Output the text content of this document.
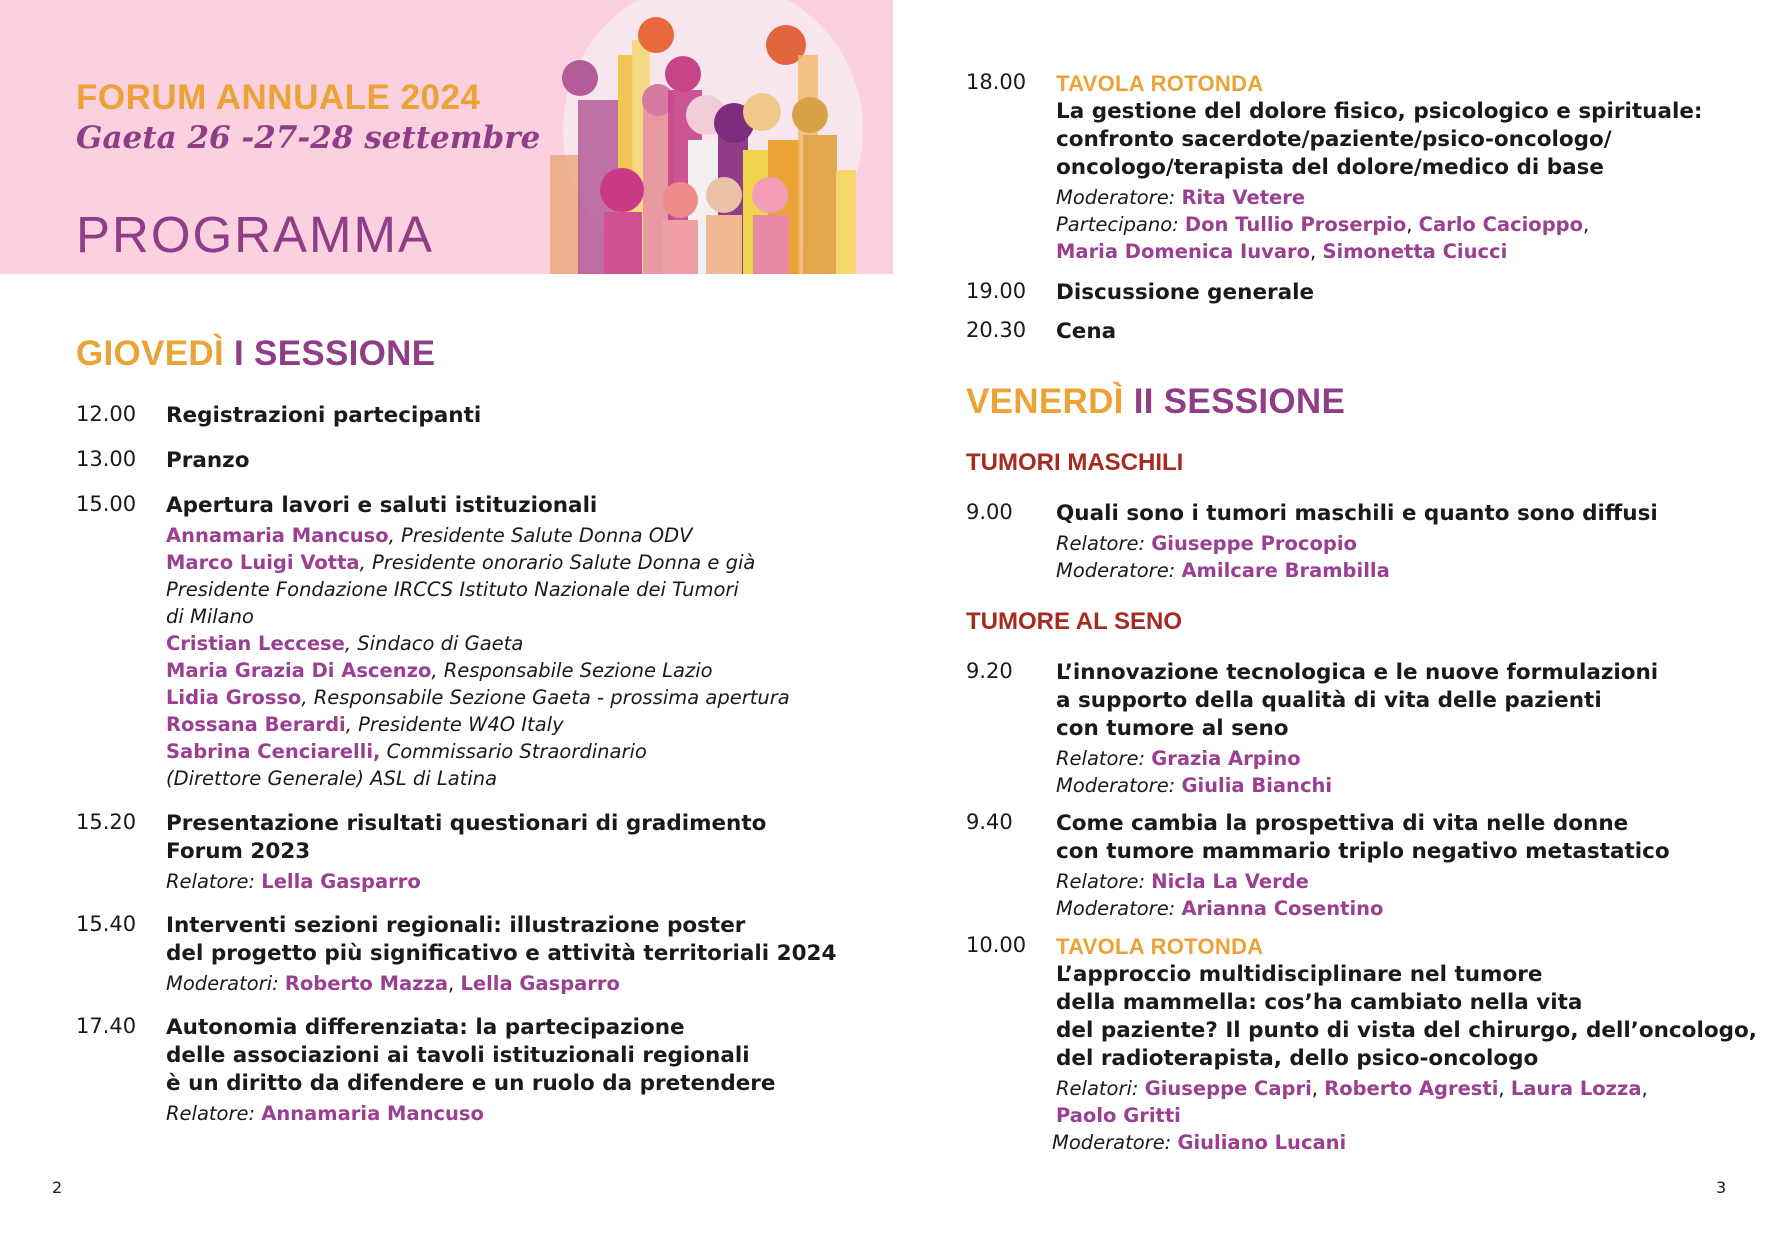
FORUM ANNUALE 2024
Gaeta 26 -27-28 settembre
PROGRAMMA
GIOVEDÌ I SESSIONE
12.00 Registrazioni partecipanti
13.00 Pranzo
15.00 Apertura lavori e saluti istituzionali
Annamaria Mancuso, Presidente Salute Donna ODV
Marco Luigi Votta, Presidente onorario Salute Donna e già
Presidente Fondazione IRCCS Istituto Nazionale dei Tumori
di Milano
Cristian Leccese, Sindaco di Gaeta
Maria Grazia Di Ascenzo, Responsabile Sezione Lazio
Lidia Grosso, Responsabile Sezione Gaeta - prossima apertura
Rossana Berardi, Presidente W4O Italy
Sabrina Cenciarelli, Commissario Straordinario
(Direttore Generale) ASL di Latina
15.20 Presentazione risultati questionari di gradimento
Forum 2023
Relatore: Lella Gasparro
15.40 Interventi sezioni regionali: illustrazione poster
del progetto più significativo e attività territoriali 2024
Moderatori: Roberto Mazza, Lella Gasparro
17.40 Autonomia differenziata: la partecipazione
delle associazioni ai tavoli istituzionali regionali
è un diritto da difendere e un ruolo da pretendere
Relatore: Annamaria Mancuso
2
18.00 TAVOLA ROTONDA
La gestione del dolore fisico, psicologico e spirituale:
confronto sacerdote/paziente/psico-oncologo/
oncologo/terapista del dolore/medico di base
Moderatore: Rita Vetere
Partecipano: Don Tullio Proserpio, Carlo Cacioppo,
Maria Domenica Iuvaro, Simonetta Ciucci
19.00 Discussione generale
20.30 Cena
VENERDÌ II SESSIONE
TUMORI MASCHILI
9.00 Quali sono i tumori maschili e quanto sono diffusi
Relatore: Giuseppe Procopio
Moderatore: Amilcare Brambilla
TUMORE AL SENO
9.20 L’innovazione tecnologica e le nuove formulazioni
a supporto della qualità di vita delle pazienti
con tumore al seno
Relatore: Grazia Arpino
Moderatore: Giulia Bianchi
9.40 Come cambia la prospettiva di vita nelle donne
con tumore mammario triplo negativo metastatico
Relatore: Nicla La Verde
Moderatore: Arianna Cosentino
10.00 TAVOLA ROTONDA
L’approccio multidisciplinare nel tumore
della mammella: cos’ha cambiato nella vita
del paziente? Il punto di vista del chirurgo, dell’oncologo,
del radioterapista, dello psico-oncologo
Relatori: Giuseppe Capri, Roberto Agresti, Laura Lozza,
Paolo Gritti
Moderatore: Giuliano Lucani
3
